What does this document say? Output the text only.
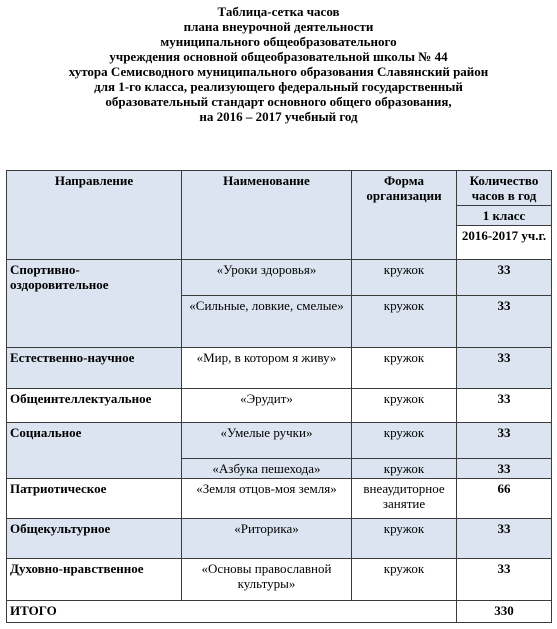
Таблица-сетка часов
плана внеурочной деятельности
муниципального общеобразовательного
учреждения основной общеобразовательной школы № 44
хутора Семисводного муниципального образования Славянский район
для 1-го класса, реализующего федеральный государственный
образовательный стандарт основного общего образования,
на 2016 – 2017 учебный год
Направление	Наименование	Форма организации	Количество часов в год
			1 класс
			2016-2017 уч.г.
Спортивно-оздоровительное	«Уроки здоровья»	кружок	33
	«Сильные, ловкие, смелые»	кружок	33
Естественно-научное	«Мир, в котором я живу»	кружок	33
Общеинтеллектуальное	«Эрудит»	кружок	33
Социальное	«Умелые ручки»	кружок	33
	«Азбука пешехода»	кружок	33
Патриотическое	«Земля отцов-моя земля»	внеаудиторное занятие	66
Общекультурное	«Риторика»	кружок	33
Духовно-нравственное	«Основы православной культуры»	кружок	33
ИТОГО			330
